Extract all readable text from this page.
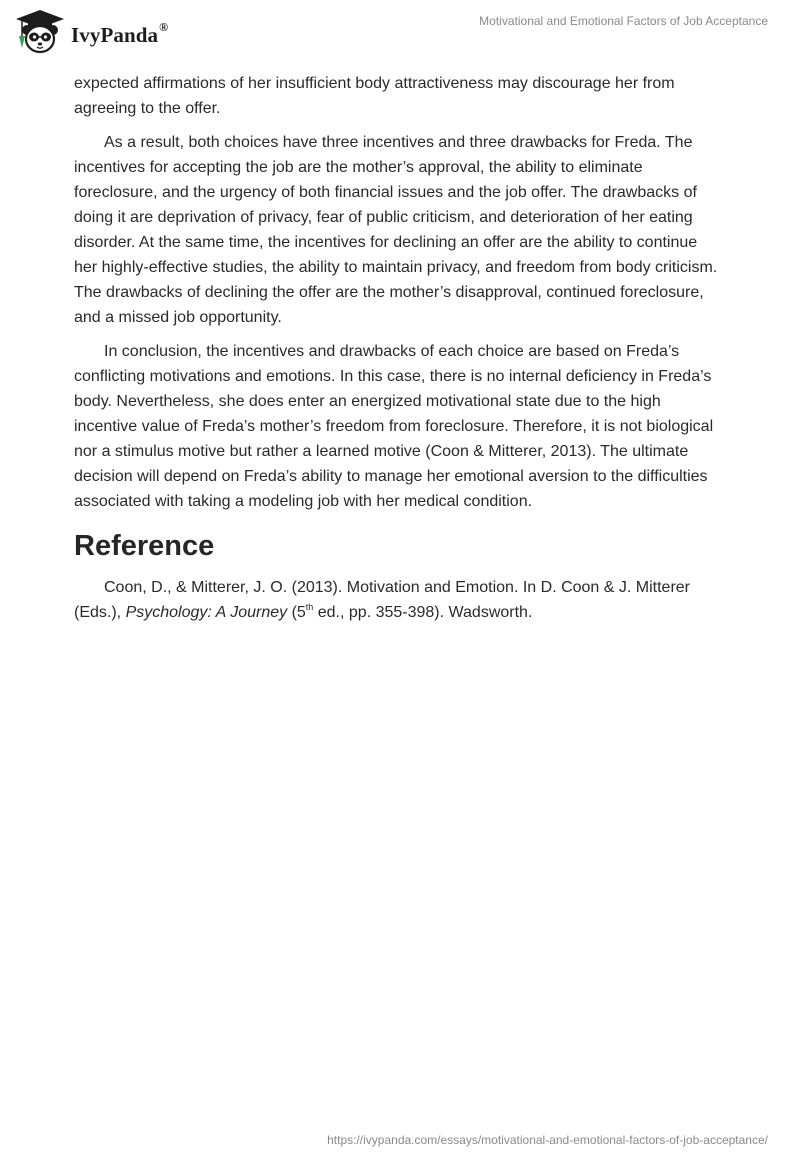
IvyPanda®	Motivational and Emotional Factors of Job Acceptance

expected affirmations of her insufficient body attractiveness may discourage her from agreeing to the offer.

As a result, both choices have three incentives and three drawbacks for Freda. The incentives for accepting the job are the mother’s approval, the ability to eliminate foreclosure, and the urgency of both financial issues and the job offer. The drawbacks of doing it are deprivation of privacy, fear of public criticism, and deterioration of her eating disorder. At the same time, the incentives for declining an offer are the ability to continue her highly-effective studies, the ability to maintain privacy, and freedom from body criticism. The drawbacks of declining the offer are the mother’s disapproval, continued foreclosure, and a missed job opportunity.

In conclusion, the incentives and drawbacks of each choice are based on Freda’s conflicting motivations and emotions. In this case, there is no internal deficiency in Freda’s body. Nevertheless, she does enter an energized motivational state due to the high incentive value of Freda’s mother’s freedom from foreclosure. Therefore, it is not biological nor a stimulus motive but rather a learned motive (Coon & Mitterer, 2013). The ultimate decision will depend on Freda’s ability to manage her emotional aversion to the difficulties associated with taking a modeling job with her medical condition.

Reference

Coon, D., & Mitterer, J. O. (2013). Motivation and Emotion. In D. Coon & J. Mitterer (Eds.), Psychology: A Journey (5th ed., pp. 355-398). Wadsworth.

https://ivypanda.com/essays/motivational-and-emotional-factors-of-job-acceptance/
